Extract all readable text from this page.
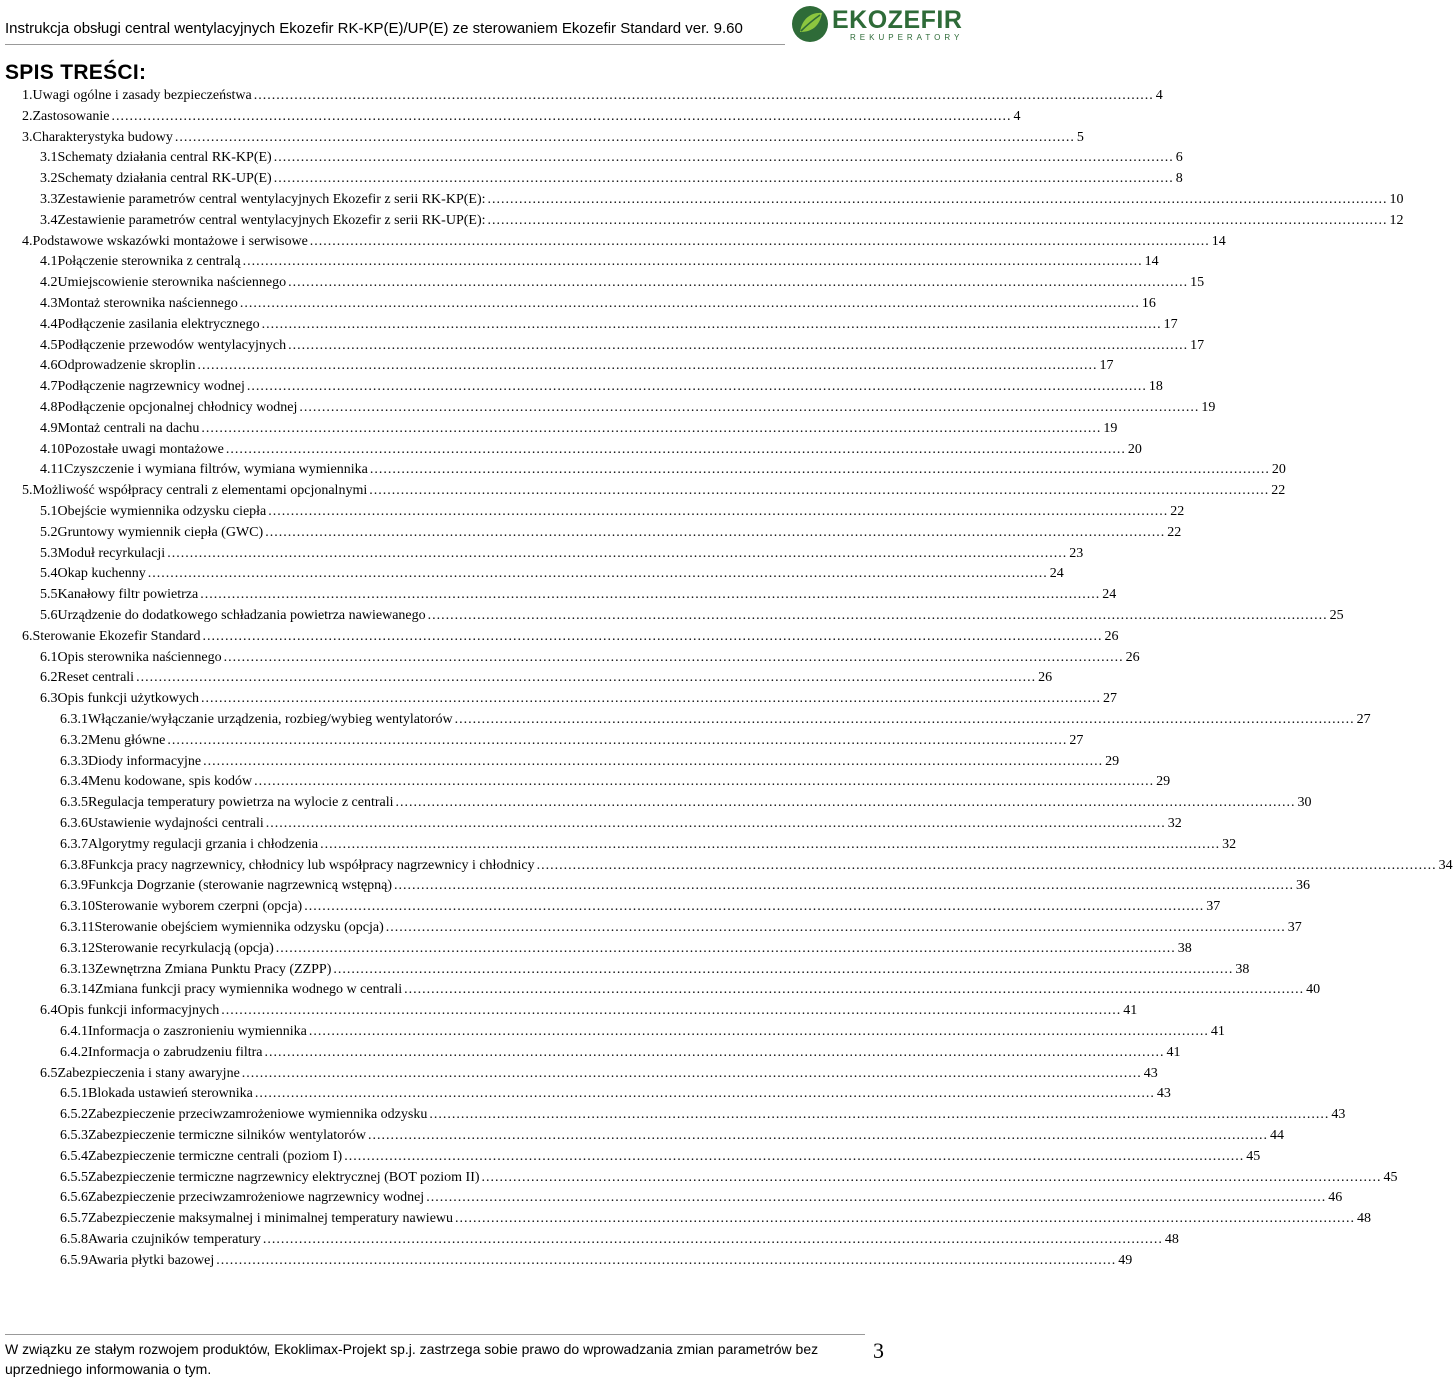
Instrukcja obsługi central wentylacyjnych Ekozefir RK-KP(E)/UP(E) ze sterowaniem Ekozefir Standard ver. 9.60	EKOZEFIR
REKUPERATORY
SPIS TREŚCI:
1. Uwagi ogólne i zasady bezpieczeństwa ........................................................................................................................................................................................................ 4
2. Zastosowanie ........................................................................................................................................................................................................ 4
3. Charakterystyka budowy ........................................................................................................................................................................................................ 5
3.1 Schematy działania central RK-KP(E) ........................................................................................................................................................................................................ 6
3.2 Schematy działania central RK-UP(E) ........................................................................................................................................................................................................ 8
3.3 Zestawienie parametrów central wentylacyjnych Ekozefir z serii RK-KP(E): ........................................................................................................................................................................................................ 10
3.4 Zestawienie parametrów central wentylacyjnych Ekozefir z serii RK-UP(E): ........................................................................................................................................................................................................ 12
4. Podstawowe wskazówki montażowe i serwisowe ........................................................................................................................................................................................................ 14
4.1 Połączenie sterownika z centralą ........................................................................................................................................................................................................ 14
4.2 Umiejscowienie sterownika naściennego ........................................................................................................................................................................................................ 15
4.3 Montaż sterownika naściennego ........................................................................................................................................................................................................ 16
4.4 Podłączenie zasilania elektrycznego ........................................................................................................................................................................................................ 17
4.5 Podłączenie przewodów wentylacyjnych ........................................................................................................................................................................................................ 17
4.6 Odprowadzenie skroplin ........................................................................................................................................................................................................ 17
4.7 Podłączenie nagrzewnicy wodnej ........................................................................................................................................................................................................ 18
4.8 Podłączenie opcjonalnej chłodnicy wodnej ........................................................................................................................................................................................................ 19
4.9 Montaż centrali na dachu ........................................................................................................................................................................................................ 19
4.10 Pozostałe uwagi montażowe ........................................................................................................................................................................................................ 20
4.11 Czyszczenie i wymiana filtrów, wymiana wymiennika ........................................................................................................................................................................................................ 20
5. Możliwość współpracy centrali z elementami opcjonalnymi ........................................................................................................................................................................................................ 22
5.1 Obejście wymiennika odzysku ciepła ........................................................................................................................................................................................................ 22
5.2 Gruntowy wymiennik ciepła (GWC) ........................................................................................................................................................................................................ 22
5.3 Moduł recyrkulacji ........................................................................................................................................................................................................ 23
5.4 Okap kuchenny ........................................................................................................................................................................................................ 24
5.5 Kanałowy filtr powietrza ........................................................................................................................................................................................................ 24
5.6 Urządzenie do dodatkowego schładzania powietrza nawiewanego ........................................................................................................................................................................................................ 25
6. Sterowanie Ekozefir Standard ........................................................................................................................................................................................................ 26
6.1 Opis sterownika naściennego ........................................................................................................................................................................................................ 26
6.2 Reset centrali ........................................................................................................................................................................................................ 26
6.3 Opis funkcji użytkowych ........................................................................................................................................................................................................ 27
6.3.1 Włączanie/wyłączanie urządzenia, rozbieg/wybieg wentylatorów ........................................................................................................................................................................................................ 27
6.3.2 Menu główne ........................................................................................................................................................................................................ 27
6.3.3 Diody informacyjne ........................................................................................................................................................................................................ 29
6.3.4 Menu kodowane, spis kodów ........................................................................................................................................................................................................ 29
6.3.5 Regulacja temperatury powietrza na wylocie z centrali ........................................................................................................................................................................................................ 30
6.3.6 Ustawienie wydajności centrali ........................................................................................................................................................................................................ 32
6.3.7 Algorytmy regulacji grzania i chłodzenia ........................................................................................................................................................................................................ 32
6.3.8 Funkcja pracy nagrzewnicy, chłodnicy lub współpracy nagrzewnicy i chłodnicy ........................................................................................................................................................................................................ 34
6.3.9 Funkcja Dogrzanie (sterowanie nagrzewnicą wstępną) ........................................................................................................................................................................................................ 36
6.3.10 Sterowanie wyborem czerpni (opcja) ........................................................................................................................................................................................................ 37
6.3.11 Sterowanie obejściem wymiennika odzysku (opcja) ........................................................................................................................................................................................................ 37
6.3.12 Sterowanie recyrkulacją (opcja) ........................................................................................................................................................................................................ 38
6.3.13 Zewnętrzna Zmiana Punktu Pracy (ZZPP) ........................................................................................................................................................................................................ 38
6.3.14 Zmiana funkcji pracy wymiennika wodnego w centrali ........................................................................................................................................................................................................ 40
6.4 Opis funkcji informacyjnych ........................................................................................................................................................................................................ 41
6.4.1 Informacja o zaszronieniu wymiennika ........................................................................................................................................................................................................ 41
6.4.2 Informacja o zabrudzeniu filtra ........................................................................................................................................................................................................ 41
6.5 Zabezpieczenia i stany awaryjne ........................................................................................................................................................................................................ 43
6.5.1 Blokada ustawień sterownika ........................................................................................................................................................................................................ 43
6.5.2 Zabezpieczenie przeciwzamrożeniowe wymiennika odzysku ........................................................................................................................................................................................................ 43
6.5.3 Zabezpieczenie termiczne silników wentylatorów ........................................................................................................................................................................................................ 44
6.5.4 Zabezpieczenie termiczne centrali (poziom I) ........................................................................................................................................................................................................ 45
6.5.5 Zabezpieczenie termiczne nagrzewnicy elektrycznej (BOT poziom II) ........................................................................................................................................................................................................ 45
6.5.6 Zabezpieczenie przeciwzamrożeniowe nagrzewnicy wodnej ........................................................................................................................................................................................................ 46
6.5.7 Zabezpieczenie maksymalnej i minimalnej temperatury nawiewu ........................................................................................................................................................................................................ 48
6.5.8 Awaria czujników temperatury ........................................................................................................................................................................................................ 48
6.5.9 Awaria płytki bazowej ........................................................................................................................................................................................................ 49
W związku ze stałym rozwojem produktów, Ekoklimax-Projekt sp.j. zastrzega sobie prawo do wprowadzania zmian parametrów bez uprzedniego informowania o tym.
3
